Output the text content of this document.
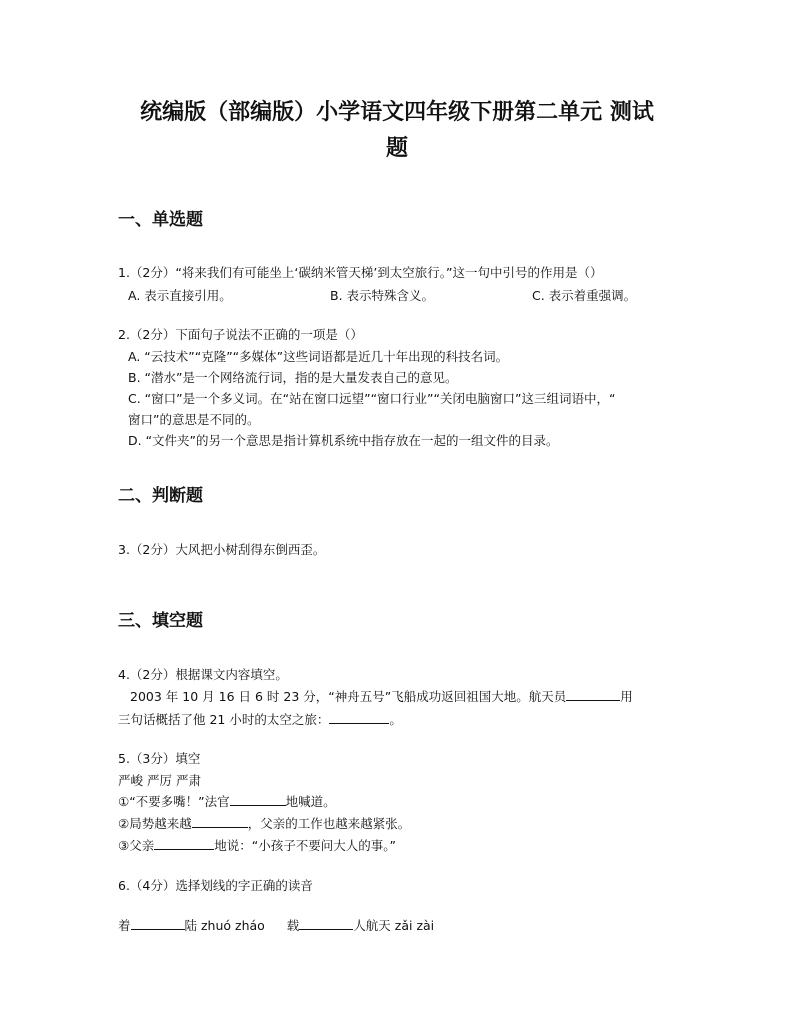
统编版（部编版）小学语文四年级下册第二单元 测试
题
一、单选题
1.（2分）“将来我们有可能坐上‘碳纳米管天梯’到太空旅行。”这一句中引号的作用是（）
A. 表示直接引用。	B. 表示特殊含义。	C. 表示着重强调。
2.（2分）下面句子说法不正确的一项是（）
A. “云技术”“克隆”“多媒体”这些词语都是近几十年出现的科技名词。
B. “潜水”是一个网络流行词，指的是大量发表自己的意见。
C. “窗口”是一个多义词。在“站在窗口远望”“窗口行业”“关闭电脑窗口”这三组词语中，“
窗口”的意思是不同的。
D. “文件夹”的另一个意思是指计算机系统中指存放在一起的一组文件的目录。
二、判断题
3.（2分）大风把小树刮得东倒西歪。
三、填空题
4.（2分）根据课文内容填空。
2003 年 10 月 16 日 6 时 23 分，“神舟五号”飞船成功返回祖国大地。航天员	用
三句话概括了他 21 小时的太空之旅：	。
5.（3分）填空
严峻 严厉 严肃
①“不要多嘴！”法官	地喊道。
②局势越来越	，父亲的工作也越来越紧张。
③父亲	地说：“小孩子不要问大人的事。”
6.（4分）选择划线的字正确的读音
着	陆 zhuó zháo 载	人航天 zǎi zài
